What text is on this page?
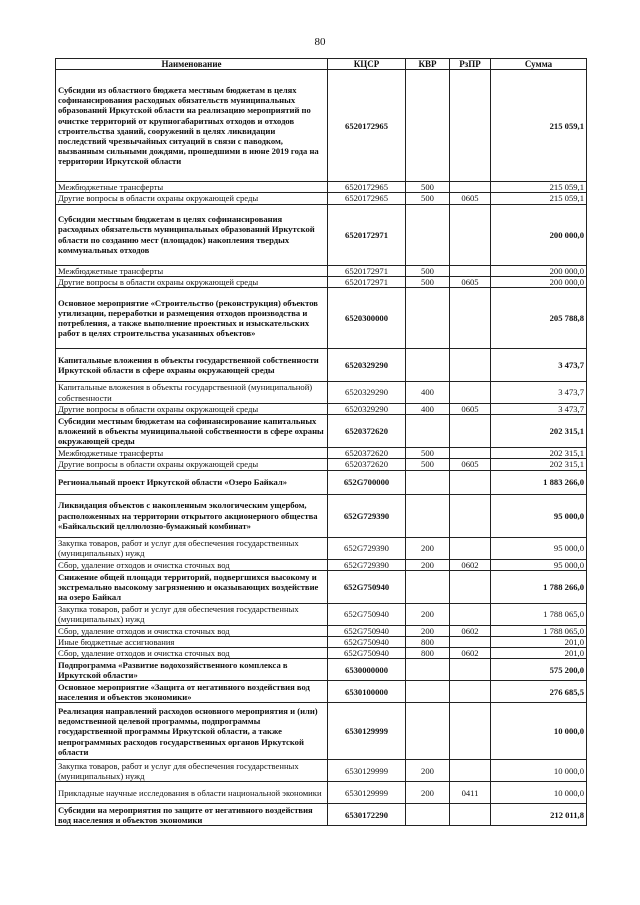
80
Наименование	КЦСР	КВР	РзПР	Сумма
Субсидии из областного бюджета местным бюджетам в целях софинансирования расходных обязательств муниципальных образований Иркутской области на реализацию мероприятий по очистке территорий от крупногабаритных отходов и отходов строительства зданий, сооружений в целях ликвидации последствий чрезвычайных ситуаций в связи с паводком, вызванным сильными дождями, прошедшими в июне 2019 года на территории Иркутской области	6520172965			215 059,1
Межбюджетные трансферты	6520172965	500		215 059,1
Другие вопросы в области охраны окружающей среды	6520172965	500	0605	215 059,1
Субсидии местным бюджетам в целях софинансирования расходных обязательств муниципальных образований Иркутской области по созданию мест (площадок) накопления твердых коммунальных отходов	6520172971			200 000,0
Межбюджетные трансферты	6520172971	500		200 000,0
Другие вопросы в области охраны окружающей среды	6520172971	500	0605	200 000,0
Основное мероприятие «Строительство (реконструкция) объектов утилизации, переработки и размещения отходов производства и потребления, а также выполнение проектных и изыскательских работ в целях строительства указанных объектов»	6520300000			205 788,8
Капитальные вложения в объекты государственной собственности Иркутской области в сфере охраны окружающей среды	6520329290			3 473,7
Капитальные вложения в объекты государственной (муниципальной) собственности	6520329290	400		3 473,7
Другие вопросы в области охраны окружающей среды	6520329290	400	0605	3 473,7
Субсидии местным бюджетам на софинансирование капитальных вложений в объекты муниципальной собственности в сфере охраны окружающей среды	6520372620			202 315,1
Межбюджетные трансферты	6520372620	500		202 315,1
Другие вопросы в области охраны окружающей среды	6520372620	500	0605	202 315,1
Региональный проект Иркутской области «Озеро Байкал»	652G700000			1 883 266,0
Ликвидация объектов с накопленным экологическим ущербом, расположенных на территории открытого акционерного общества «Байкальский целлюлозно-бумажный комбинат»	652G729390			95 000,0
Закупка товаров, работ и услуг для обеспечения государственных (муниципальных) нужд	652G729390	200		95 000,0
Сбор, удаление отходов и очистка сточных вод	652G729390	200	0602	95 000,0
Снижение общей площади территорий, подвергшихся высокому и экстремально высокому загрязнению и оказывающих воздействие на озеро Байкал	652G750940			1 788 266,0
Закупка товаров, работ и услуг для обеспечения государственных (муниципальных) нужд	652G750940	200		1 788 065,0
Сбор, удаление отходов и очистка сточных вод	652G750940	200	0602	1 788 065,0
Иные бюджетные ассигнования	652G750940	800		201,0
Сбор, удаление отходов и очистка сточных вод	652G750940	800	0602	201,0
Подпрограмма «Развитие водохозяйственного комплекса в Иркутской области»	6530000000			575 200,0
Основное мероприятие «Защита от негативного воздействия вод населения и объектов экономики»	6530100000			276 685,5
Реализация направлений расходов основного мероприятия и (или) ведомственной целевой программы, подпрограммы государственной программы Иркутской области, а также непрограммных расходов государственных органов Иркутской области	6530129999			10 000,0
Закупка товаров, работ и услуг для обеспечения государственных (муниципальных) нужд	6530129999	200		10 000,0
Прикладные научные исследования в области национальной экономики	6530129999	200	0411	10 000,0
Субсидии на мероприятия по защите от негативного воздействия вод населения и объектов экономики	6530172290			212 011,8
